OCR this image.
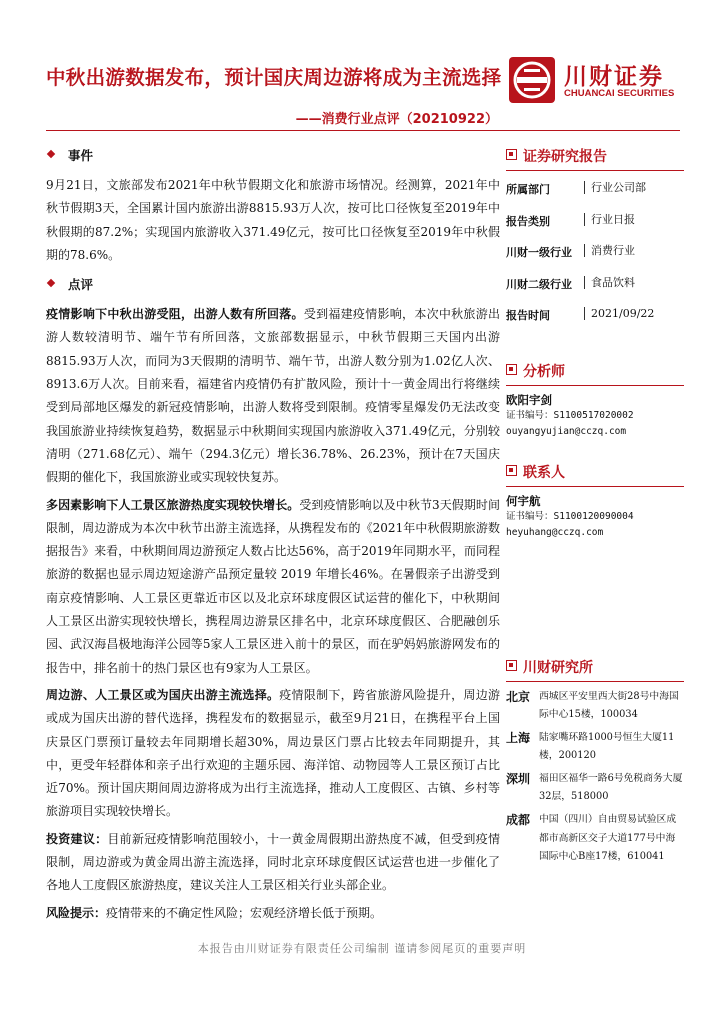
中秋出游数据发布，预计国庆周边游将成为主流选择
——消费行业点评（20210922）
川财证券
CHUANCAI SECURITIES
事件

9月21日，文旅部发布2021年中秋节假期文化和旅游市场情况。经测算，2021年中秋节假期3天，全国累计国内旅游出游8815.93万人次，按可比口径恢复至2019年中秋假期的87.2%；实现国内旅游收入371.49亿元，按可比口径恢复至2019年中秋假期的78.6%。

点评

疫情影响下中秋出游受阻，出游人数有所回落。受到福建疫情影响，本次中秋旅游出游人数较清明节、端午节有所回落，文旅部数据显示，中秋节假期三天国内出游8815.93万人次，而同为3天假期的清明节、端午节，出游人数分别为1.02亿人次、8913.6万人次。目前来看，福建省内疫情仍有扩散风险，预计十一黄金周出行将继续受到局部地区爆发的新冠疫情影响，出游人数将受到限制。疫情零星爆发仍无法改变我国旅游业持续恢复趋势，数据显示中秋期间实现国内旅游收入371.49亿元，分别较清明（271.68亿元）、端午（294.3亿元）增长36.78%、26.23%，预计在7天国庆假期的催化下，我国旅游业或实现较快复苏。

多因素影响下人工景区旅游热度实现较快增长。受到疫情影响以及中秋节3天假期时间限制，周边游成为本次中秋节出游主流选择，从携程发布的《2021年中秋假期旅游数据报告》来看，中秋期间周边游预定人数占比达56%，高于2019年同期水平，而同程旅游的数据也显示周边短途游产品预定量较 2019 年增长46%。在暑假亲子出游受到南京疫情影响、人工景区更靠近市区以及北京环球度假区试运营的催化下，中秋期间人工景区出游实现较快增长，携程周边游景区排名中，北京环球度假区、合肥融创乐园、武汉海昌极地海洋公园等5家人工景区进入前十的景区，而在驴妈妈旅游网发布的报告中，排名前十的热门景区也有9家为人工景区。

周边游、人工景区或为国庆出游主流选择。疫情限制下，跨省旅游风险提升，周边游或成为国庆出游的替代选择，携程发布的数据显示，截至9月21日，在携程平台上国庆景区门票预订量较去年同期增长超30%，周边景区门票占比较去年同期提升，其中，更受年轻群体和亲子出行欢迎的主题乐园、海洋馆、动物园等人工景区预订占比近70%。预计国庆期间周边游将成为出行主流选择，推动人工度假区、古镇、乡村等旅游项目实现较快增长。

投资建议：目前新冠疫情影响范围较小，十一黄金周假期出游热度不减，但受到疫情限制，周边游或为黄金周出游主流选择，同时北京环球度假区试运营也进一步催化了各地人工度假区旅游热度，建议关注人工景区相关行业头部企业。

风险提示：疫情带来的不确定性风险；宏观经济增长低于预期。

证券研究报告
所属部门	行业公司部
报告类别	行业日报
川财一级行业	消费行业
川财二级行业	食品饮料
报告时间	2021/09/22
分析师
欧阳宇剑
证书编号：S1100517020002
ouyangyujian@cczq.com
联系人
何宇航
证书编号：S1100120090004
heyuhang@cczq.com
川财研究所
北京 西城区平安里西大街28号中海国际中心15楼，100034
上海 陆家嘴环路1000号恒生大厦11楼，200120
深圳 福田区福华一路6号免税商务大厦32层，518000
成都 中国（四川）自由贸易试验区成都市高新区交子大道177号中海国际中心B座17楼，610041
本报告由川财证券有限责任公司编制 谨请参阅尾页的重要声明
